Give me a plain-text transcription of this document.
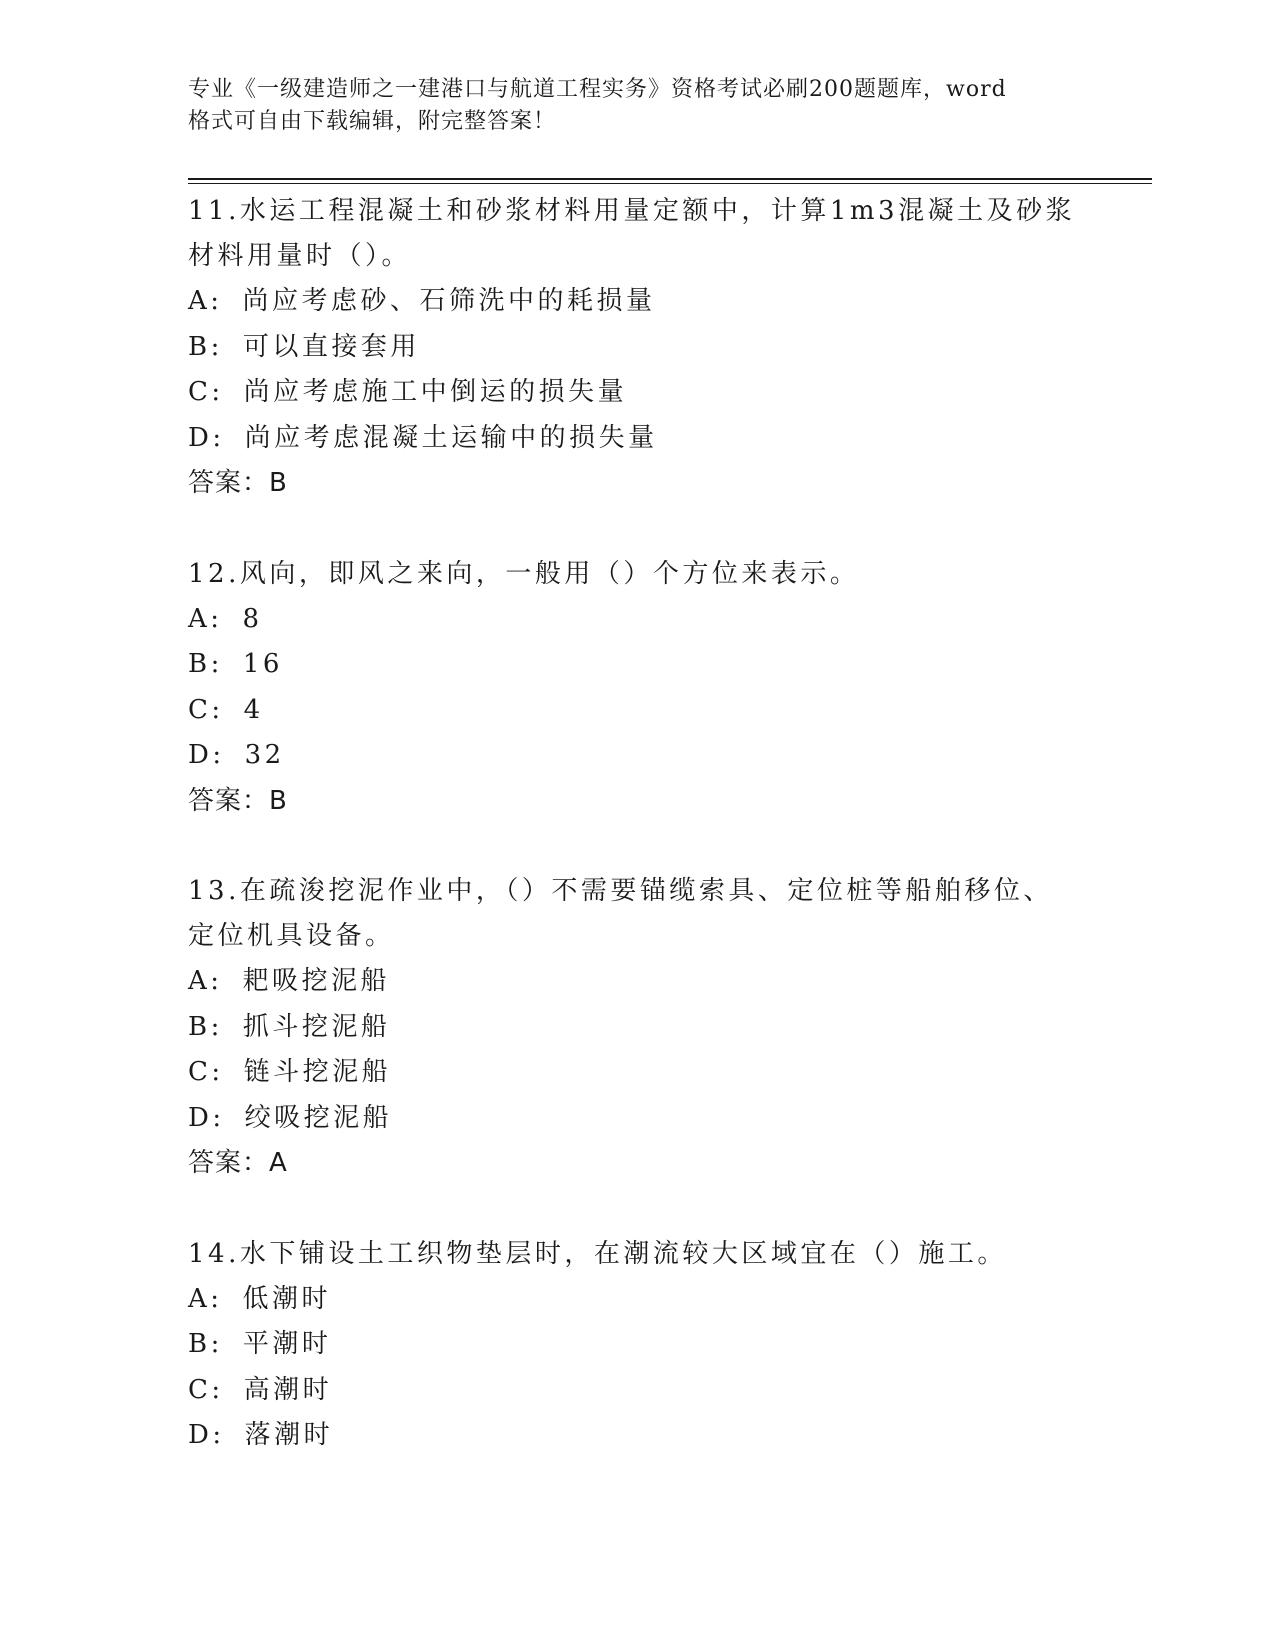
专业《一级建造师之一建港口与航道工程实务》资格考试必刷200题题库，word
格式可自由下载编辑，附完整答案！

11.水运工程混凝土和砂浆材料用量定额中，计算1m3混凝土及砂浆材料用量时（）。

A: 尚应考虑砂、石筛洗中的耗损量
B: 可以直接套用
C: 尚应考虑施工中倒运的损失量
D: 尚应考虑混凝土运输中的损失量
答案：B

12.风向，即风之来向，一般用（）个方位来表示。

A: 8
B: 16
C: 4
D: 32
答案：B

13.在疏浚挖泥作业中，（）不需要锚缆索具、定位桩等船舶移位、定位机具设备。

A: 耙吸挖泥船
B: 抓斗挖泥船
C: 链斗挖泥船
D: 绞吸挖泥船
答案：A

14.水下铺设土工织物垫层时，在潮流较大区域宜在（）施工。

A: 低潮时
B: 平潮时
C: 高潮时
D: 落潮时
